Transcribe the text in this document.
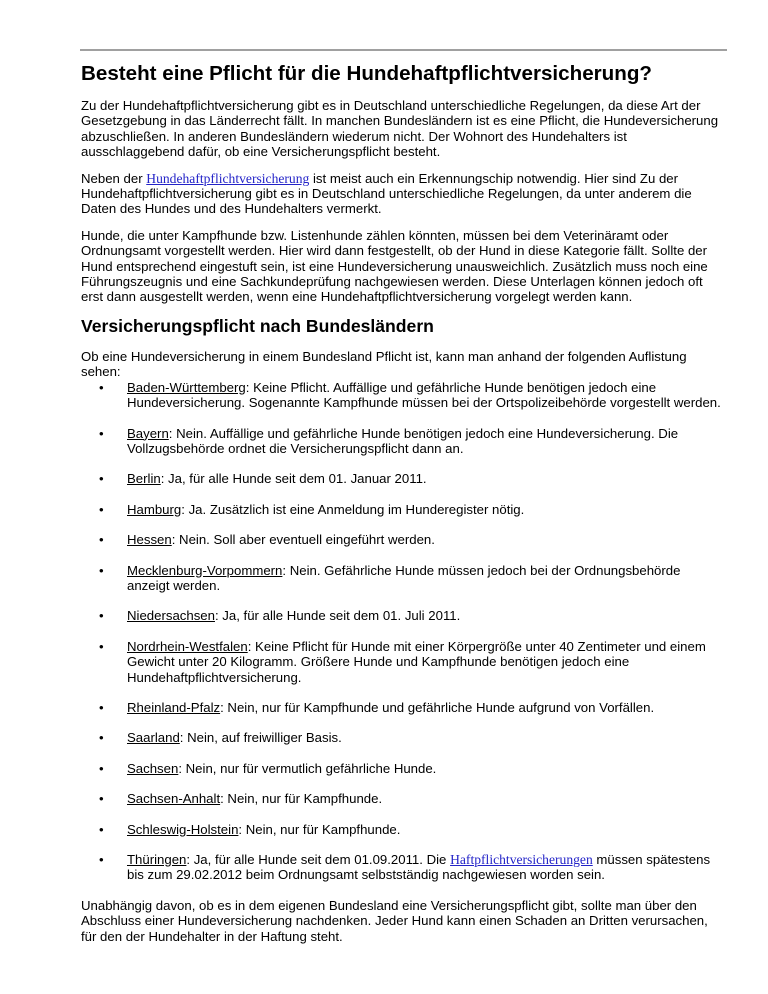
Besteht eine Pflicht für die Hundehaftpflichtversicherung?

Zu der Hundehaftpflichtversicherung gibt es in Deutschland unterschiedliche Regelungen, da diese Art der Gesetzgebung in das Länderrecht fällt. In manchen Bundesländern ist es eine Pflicht, die Hundeversicherung abzuschließen. In anderen Bundesländern wiederum nicht. Der Wohnort des Hundehalters ist ausschlaggebend dafür, ob eine Versicherungspflicht besteht.

Neben der Hundehaftpflichtversicherung ist meist auch ein Erkennungschip notwendig. Hier sind Zu der Hundehaftpflichtversicherung gibt es in Deutschland unterschiedliche Regelungen, da unter anderem die Daten des Hundes und des Hundehalters vermerkt.

Hunde, die unter Kampfhunde bzw. Listenhunde zählen könnten, müssen bei dem Veterinäramt oder Ordnungsamt vorgestellt werden. Hier wird dann festgestellt, ob der Hund in diese Kategorie fällt. Sollte der Hund entsprechend eingestuft sein, ist eine Hundeversicherung unausweichlich. Zusätzlich muss noch eine Führungszeugnis und eine Sachkundeprüfung nachgewiesen werden. Diese Unterlagen können jedoch oft erst dann ausgestellt werden, wenn eine Hundehaftpflichtversicherung vorgelegt werden kann.

Versicherungspflicht nach Bundesländern

Ob eine Hundeversicherung in einem Bundesland Pflicht ist, kann man anhand der folgenden Auflistung sehen:

• Baden-Württemberg: Keine Pflicht. Auffällige und gefährliche Hunde benötigen jedoch eine Hundeversicherung. Sogenannte Kampfhunde müssen bei der Ortspolizeibehörde vorgestellt werden.
• Bayern: Nein. Auffällige und gefährliche Hunde benötigen jedoch eine Hundeversicherung. Die Vollzugsbehörde ordnet die Versicherungspflicht dann an.
• Berlin: Ja, für alle Hunde seit dem 01. Januar 2011.
• Hamburg: Ja. Zusätzlich ist eine Anmeldung im Hunderegister nötig.
• Hessen: Nein. Soll aber eventuell eingeführt werden.
• Mecklenburg-Vorpommern: Nein. Gefährliche Hunde müssen jedoch bei der Ordnungsbehörde anzeigt werden.
• Niedersachsen: Ja, für alle Hunde seit dem 01. Juli 2011.
• Nordrhein-Westfalen: Keine Pflicht für Hunde mit einer Körpergröße unter 40 Zentimeter und einem Gewicht unter 20 Kilogramm. Größere Hunde und Kampfhunde benötigen jedoch eine Hundehaftpflichtversicherung.
• Rheinland-Pfalz: Nein, nur für Kampfhunde und gefährliche Hunde aufgrund von Vorfällen.
• Saarland: Nein, auf freiwilliger Basis.
• Sachsen: Nein, nur für vermutlich gefährliche Hunde.
• Sachsen-Anhalt: Nein, nur für Kampfhunde.
• Schleswig-Holstein: Nein, nur für Kampfhunde.
• Thüringen: Ja, für alle Hunde seit dem 01.09.2011. Die Haftpflichtversicherungen müssen spätestens bis zum 29.02.2012 beim Ordnungsamt selbstständig nachgewiesen worden sein.

Unabhängig davon, ob es in dem eigenen Bundesland eine Versicherungspflicht gibt, sollte man über den Abschluss einer Hundeversicherung nachdenken. Jeder Hund kann einen Schaden an Dritten verursachen, für den der Hundehalter in der Haftung steht.
